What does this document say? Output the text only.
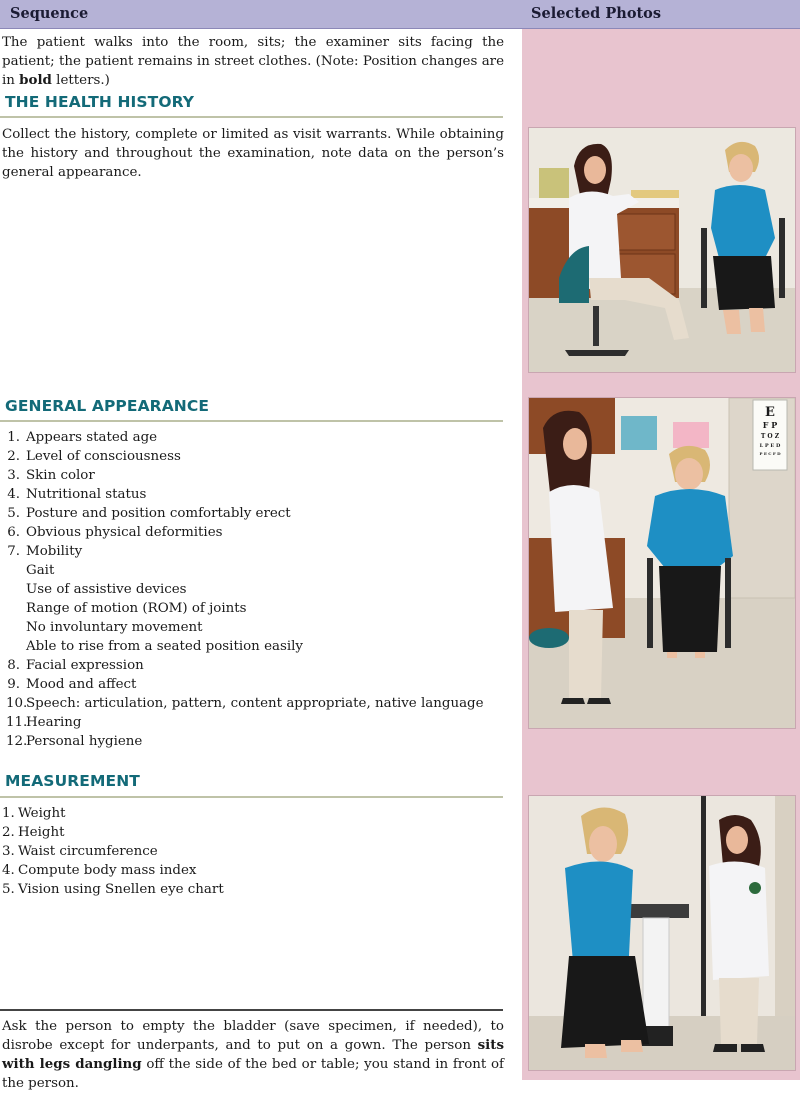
Sequence	Selected Photos

The patient walks into the room, sits; the examiner sits facing the patient; the patient remains in street clothes. (Note: Position changes are in bold letters.)

THE HEALTH HISTORY

Collect the history, complete or limited as visit warrants. While obtaining the history and throughout the examination, note data on the person’s general appearance.

GENERAL APPEARANCE
1. Appears stated age
2. Level of consciousness
3. Skin color
4. Nutritional status
5. Posture and position comfortably erect
6. Obvious physical deformities
7. Mobility
Gait
Use of assistive devices
Range of motion (ROM) of joints
No involuntary movement
Able to rise from a seated position easily
8. Facial expression
9. Mood and affect
10.Speech: articulation, pattern, content appropriate, native language
11.Hearing
12.Personal hygiene
MEASUREMENT
1. Weight
2. Height
3. Waist circumference
4. Compute body mass index
5. Vision using Snellen eye chart

Ask the person to empty the bladder (save specimen, if needed), to disrobe except for underpants, and to put on a gown. The person sits with legs dangling off the side of the bed or table; you stand in front of the person.

E
F P
T O Z
L P E D
P E C F D
